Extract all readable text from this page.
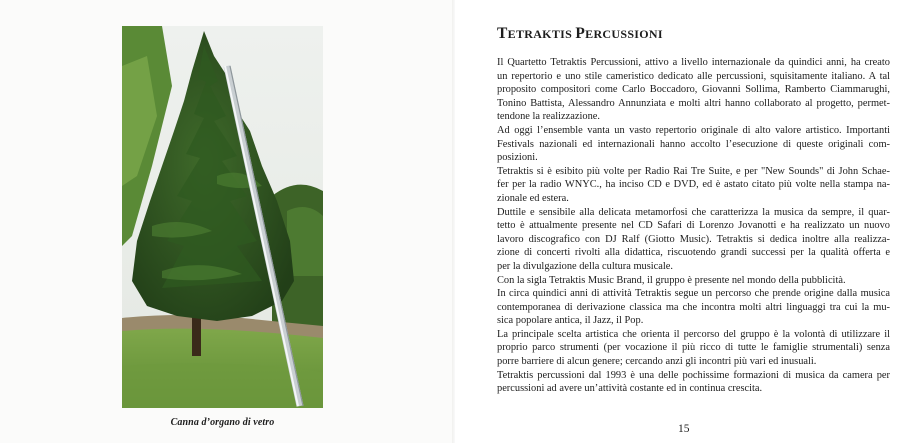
Canna d’organo di vetro
TETRAKTIS PERCUSSIONI
Il Quartetto Tetraktis Percussioni, attivo a livello internazionale da quindici anni, ha creato
un repertorio e uno stile cameristico dedicato alle percussioni, squisitamente italiano. A tal
proposito compositori come Carlo Boccadoro, Giovanni Sollima, Ramberto Ciammarughi,
Tonino Battista, Alessandro Annunziata e molti altri hanno collaborato al progetto, permet-
tendone la realizzazione.
Ad oggi l’ensemble vanta un vasto repertorio originale di alto valore artistico. Importanti
Festivals nazionali ed internazionali hanno accolto l’esecuzione di queste originali com-
posizioni.
Tetraktis si è esibito più volte per Radio Rai Tre Suite, e per "New Sounds" di John Schae-
fer per la radio WNYC., ha inciso CD e DVD, ed è astato citato più volte nella stampa na-
zionale ed estera.
Duttile e sensibile alla delicata metamorfosi che caratterizza la musica da sempre, il quar-
tetto è attualmente presente nel CD Safari di Lorenzo Jovanotti e ha realizzato un nuovo
lavoro discografico con DJ Ralf (Giotto Music). Tetraktis si dedica inoltre alla realizza-
zione di concerti rivolti alla didattica, riscuotendo grandi successi per la qualità offerta e
per la divulgazione della cultura musicale.
Con la sigla Tetraktis Music Brand, il gruppo è presente nel mondo della pubblicità.
In circa quindici anni di attività Tetraktis segue un percorso che prende origine dalla musica
contemporanea di derivazione classica ma che incontra molti altri linguaggi tra cui la mu-
sica popolare antica, il Jazz, il Pop.
La principale scelta artistica che orienta il percorso del gruppo è la volontà di utilizzare il
proprio parco strumenti (per vocazione il più ricco di tutte le famiglie strumentali) senza
porre barriere di alcun genere; cercando anzi gli incontri più vari ed inusuali.
Tetraktis percussioni dal 1993 è una delle pochissime formazioni di musica da camera per
percussioni ad avere un’attività costante ed in continua crescita.
15
